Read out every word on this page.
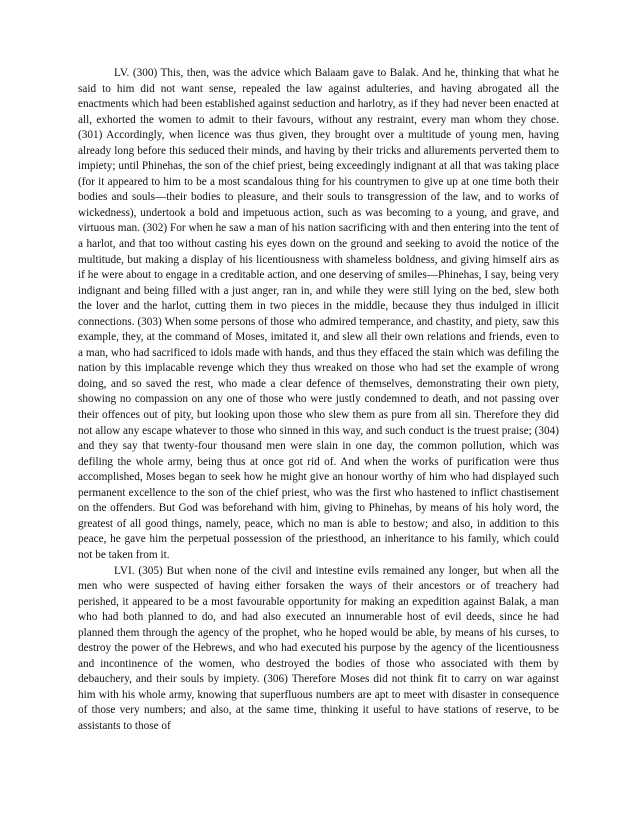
LV. (300) This, then, was the advice which Balaam gave to Balak. And he, thinking that what he said to him did not want sense, repealed the law against adulteries, and having abrogated all the enactments which had been established against seduction and harlotry, as if they had never been enacted at all, exhorted the women to admit to their favours, without any restraint, every man whom they chose. (301) Accordingly, when licence was thus given, they brought over a multitude of young men, having already long before this seduced their minds, and having by their tricks and allurements perverted them to impiety; until Phinehas, the son of the chief priest, being exceedingly indignant at all that was taking place (for it appeared to him to be a most scandalous thing for his countrymen to give up at one time both their bodies and souls—their bodies to pleasure, and their souls to transgression of the law, and to works of wickedness), undertook a bold and impetuous action, such as was becoming to a young, and grave, and virtuous man. (302) For when he saw a man of his nation sacrificing with and then entering into the tent of a harlot, and that too without casting his eyes down on the ground and seeking to avoid the notice of the multitude, but making a display of his licentiousness with shameless boldness, and giving himself airs as if he were about to engage in a creditable action, and one deserving of smiles—Phinehas, I say, being very indignant and being filled with a just anger, ran in, and while they were still lying on the bed, slew both the lover and the harlot, cutting them in two pieces in the middle, because they thus indulged in illicit connections. (303) When some persons of those who admired temperance, and chastity, and piety, saw this example, they, at the command of Moses, imitated it, and slew all their own relations and friends, even to a man, who had sacrificed to idols made with hands, and thus they effaced the stain which was defiling the nation by this implacable revenge which they thus wreaked on those who had set the example of wrong doing, and so saved the rest, who made a clear defence of themselves, demonstrating their own piety, showing no compassion on any one of those who were justly condemned to death, and not passing over their offences out of pity, but looking upon those who slew them as pure from all sin. Therefore they did not allow any escape whatever to those who sinned in this way, and such conduct is the truest praise; (304) and they say that twenty-four thousand men were slain in one day, the common pollution, which was defiling the whole army, being thus at once got rid of. And when the works of purification were thus accomplished, Moses began to seek how he might give an honour worthy of him who had displayed such permanent excellence to the son of the chief priest, who was the first who hastened to inflict chastisement on the offenders. But God was beforehand with him, giving to Phinehas, by means of his holy word, the greatest of all good things, namely, peace, which no man is able to bestow; and also, in addition to this peace, he gave him the perpetual possession of the priesthood, an inheritance to his family, which could not be taken from it.

LVI. (305) But when none of the civil and intestine evils remained any longer, but when all the men who were suspected of having either forsaken the ways of their ancestors or of treachery had perished, it appeared to be a most favourable opportunity for making an expedition against Balak, a man who had both planned to do, and had also executed an innumerable host of evil deeds, since he had planned them through the agency of the prophet, who he hoped would be able, by means of his curses, to destroy the power of the Hebrews, and who had executed his purpose by the agency of the licentiousness and incontinence of the women, who destroyed the bodies of those who associated with them by debauchery, and their souls by impiety. (306) Therefore Moses did not think fit to carry on war against him with his whole army, knowing that superfluous numbers are apt to meet with disaster in consequence of those very numbers; and also, at the same time, thinking it useful to have stations of reserve, to be assistants to those of
